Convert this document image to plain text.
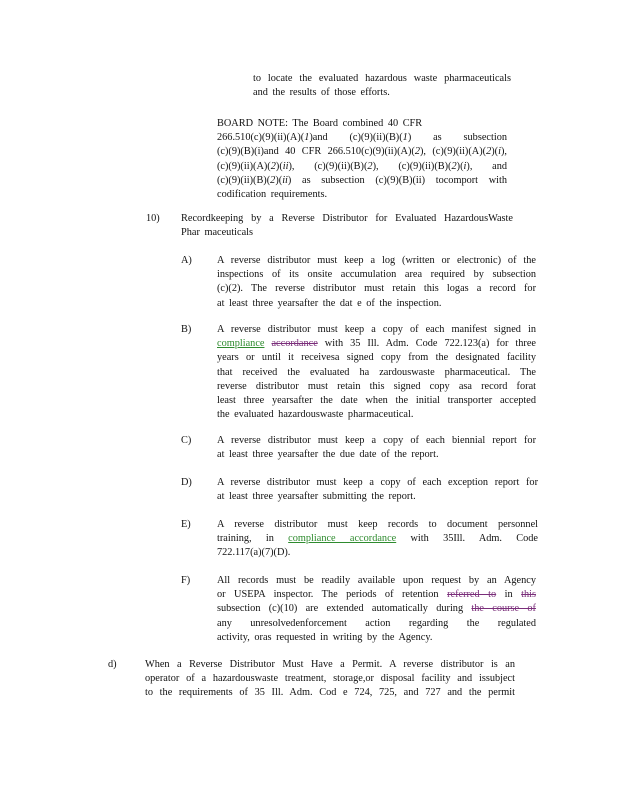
to locate the evaluated hazardous waste pharmaceuticals
and the results of those efforts.
BOARD NOTE: The Board combined 40 CFR
266.510(c)(9)(ii)(A)(1)and (c)(9)(ii)(B)(1) as subsection
(c)(9)(B)(i)and 40 CFR 266.510(c)(9)(ii)(A)(2), (c)(9)(ii)(A)(2)(i),
(c)(9)(ii)(A)(2)(ii), (c)(9)(ii)(B)(2), (c)(9)(ii)(B)(2)(i), and
(c)(9)(ii)(B)(2)(ii) as subsection (c)(9)(B)(ii) tocomport with
codification requirements.
10) Recordkeeping by a Reverse Distributor for Evaluated HazardousWaste
Phar maceuticals
A) A reverse distributor must keep a log (written or electronic) of the
inspections of its onsite accumulation area required by subsection
(c)(2). The reverse distributor must retain this logas a record for
at least three yearsafter the dat e of the inspection.
B) A reverse distributor must keep a copy of each manifest signed in
compliance accordance with 35 Ill. Adm. Code 722.123(a) for three
years or until it receivesa signed copy from the designated facility
that received the evaluated ha zardouswaste pharmaceutical. The
reverse distributor must retain this signed copy asa record forat
least three yearsafter the date when the initial transporter accepted
the evaluated hazardouswaste pharmaceutical.
C) A reverse distributor must keep a copy of each biennial report for
at least three yearsafter the due date of the report.
D) A reverse distributor must keep a copy of each exception report for
at least three yearsafter submitting the report.
E)	A reverse distributor must keep records to document personnel
training, in compliance accordance with 35Ill. Adm. Code
722.117(a)(7)(D).
F)	All records must be readily available upon request by an Agency
or USEPA inspector. The periods of retention referred to in this
subsection (c)(10) are extended automatically during the course of
any unresolvedenforcement action regarding the regulated
activity, oras requested in writing by the Agency.
d)	When a Reverse Distributor Must Have a Permit. A reverse distributor is an
operator of a hazardouswaste treatment, storage,or disposal facility and issubject
to the requirements of 35 Ill. Adm. Cod e 724, 725, and 727 and the permit
